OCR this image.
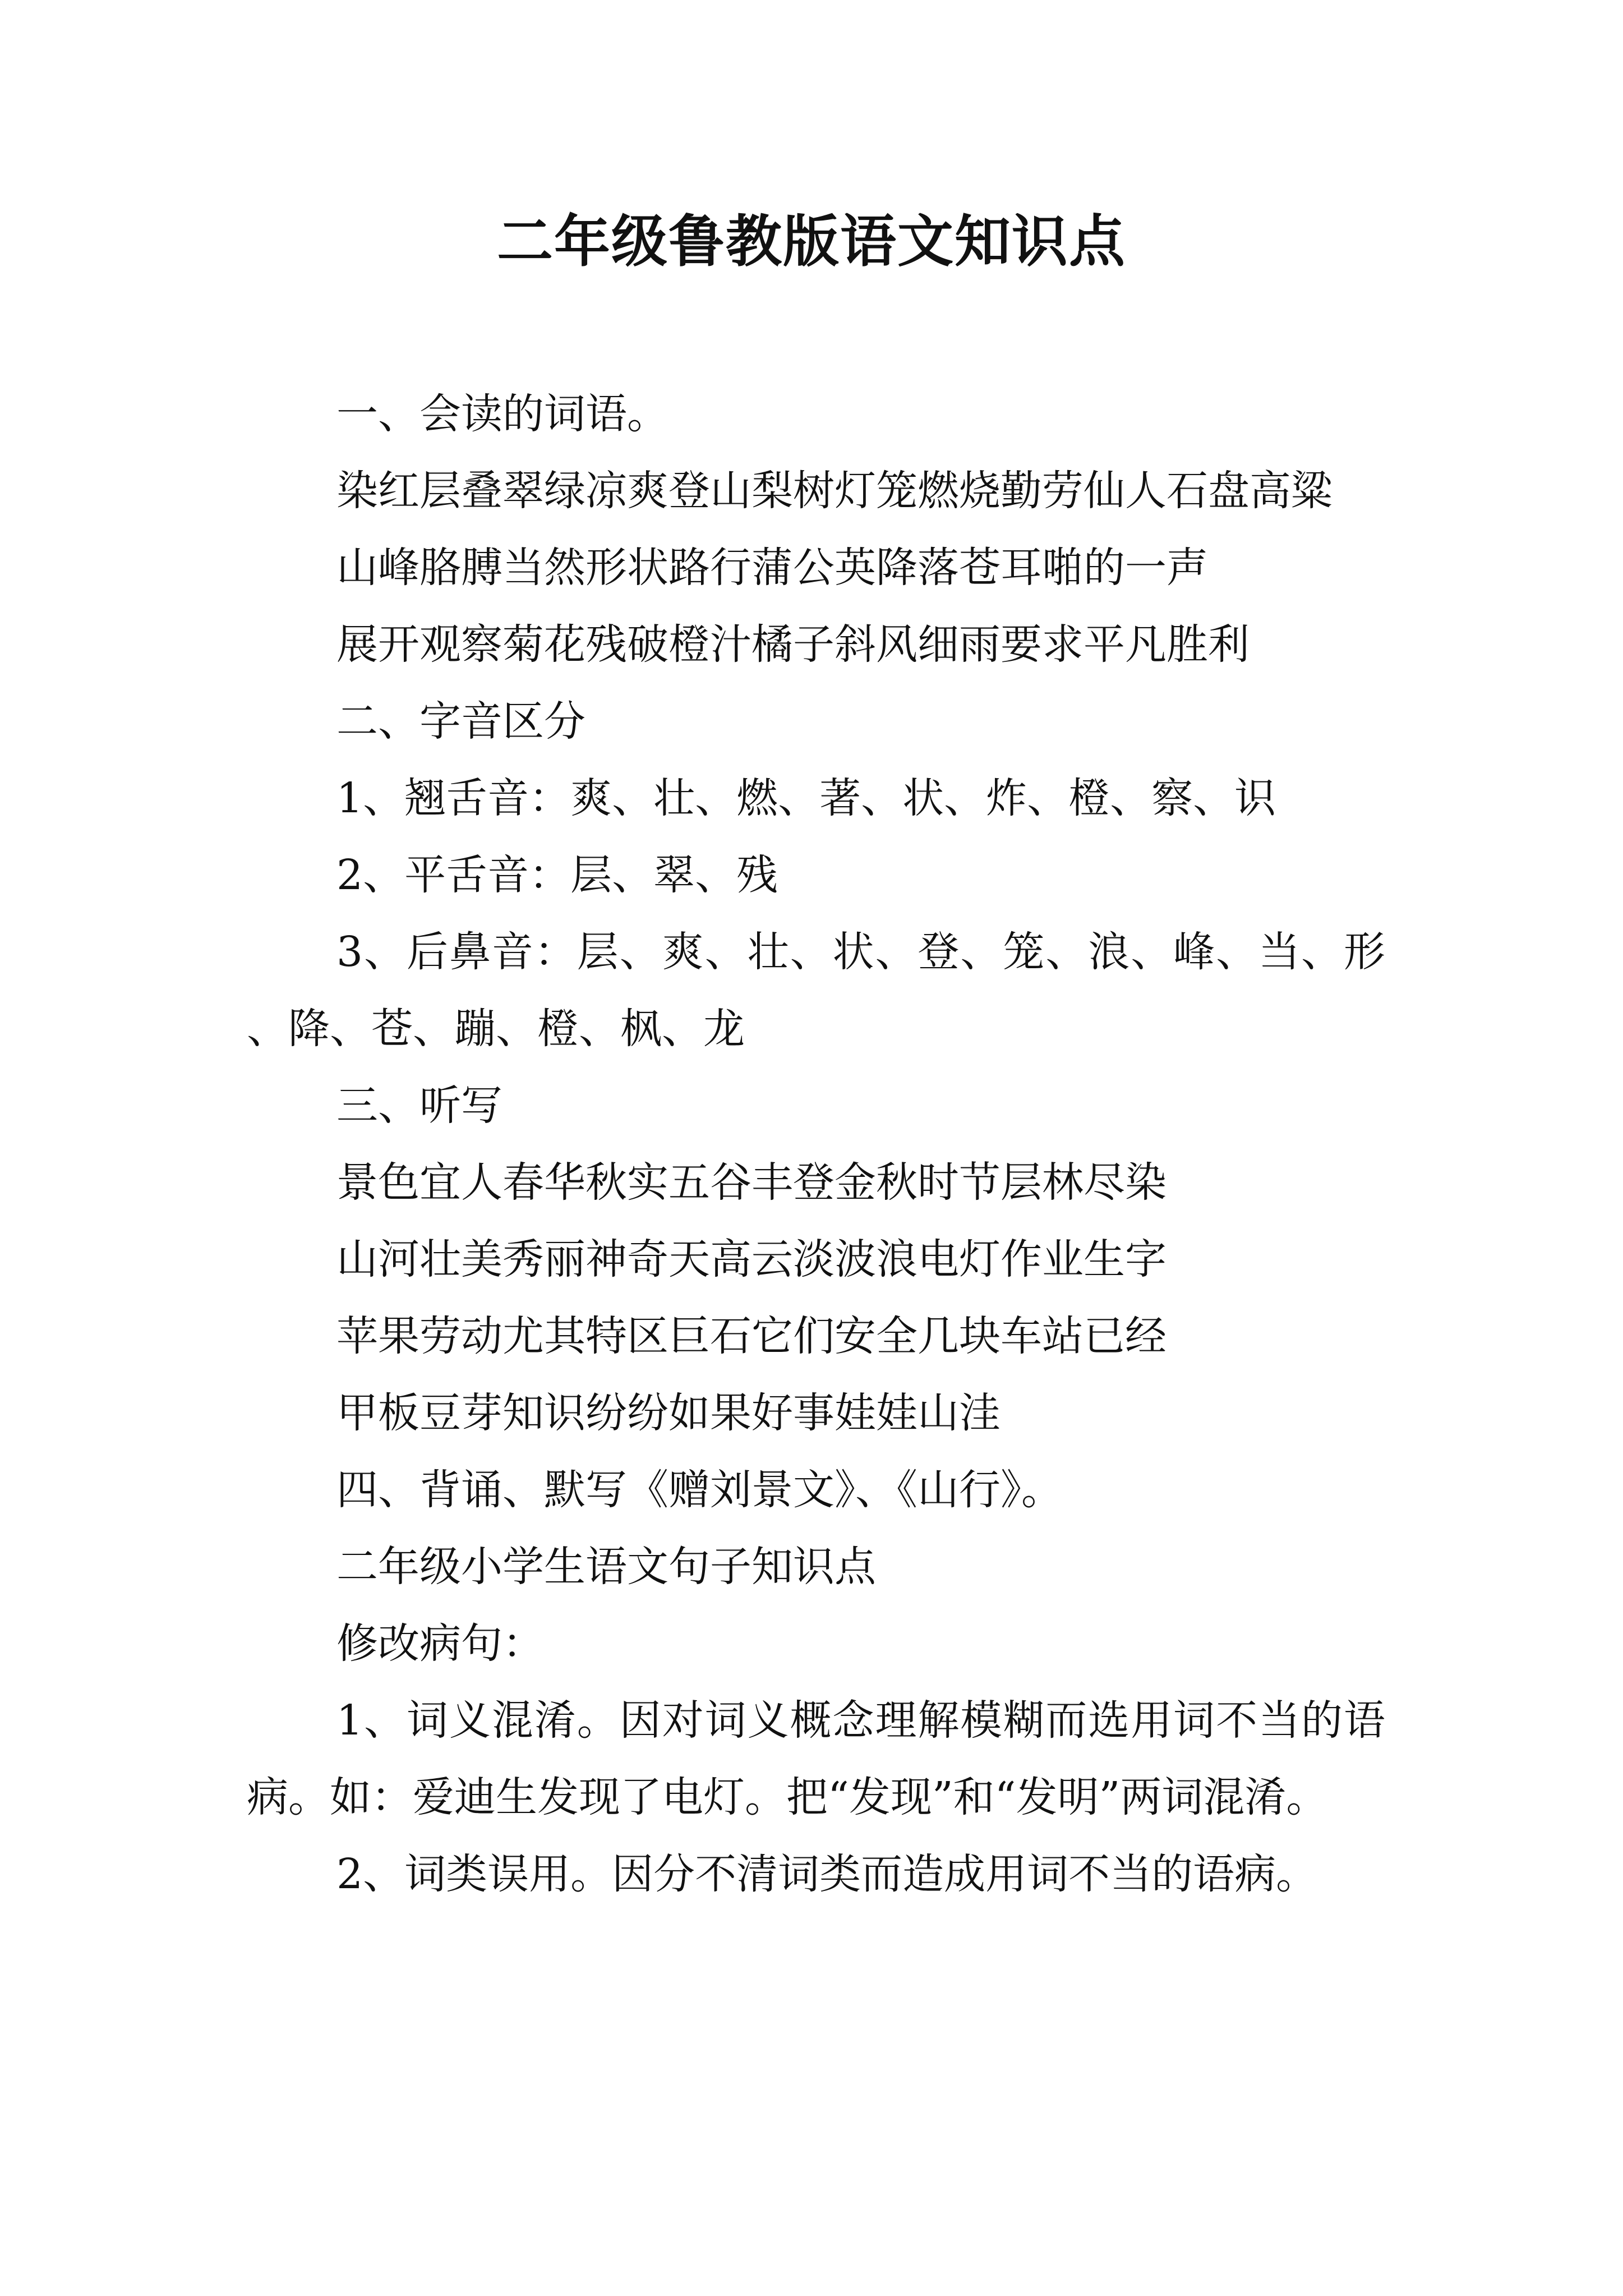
二年级鲁教版语文知识点

一、会读的词语。

染红层叠翠绿凉爽登山梨树灯笼燃烧勤劳仙人石盘高粱

山峰胳膊当然形状路行蒲公英降落苍耳啪的一声

展开观察菊花残破橙汁橘子斜风细雨要求平凡胜利

二、字音区分

1、翘舌音：爽、壮、燃、著、状、炸、橙、察、识

2、平舌音：层、翠、残

3、后鼻音：层、爽、壮、状、登、笼、浪、峰、当、形、降、苍、蹦、橙、枫、龙

三、听写

景色宜人春华秋实五谷丰登金秋时节层林尽染

山河壮美秀丽神奇天高云淡波浪电灯作业生字

苹果劳动尤其特区巨石它们安全几块车站已经

甲板豆芽知识纷纷如果好事娃娃山洼

四、背诵、默写《赠刘景文》、《山行》。

二年级小学生语文句子知识点

修改病句：

1、词义混淆。因对词义概念理解模糊而选用词不当的语病。如：爱迪生发现了电灯。把“发现”和“发明”两词混淆。

2、词类误用。因分不清词类而造成用词不当的语病。
